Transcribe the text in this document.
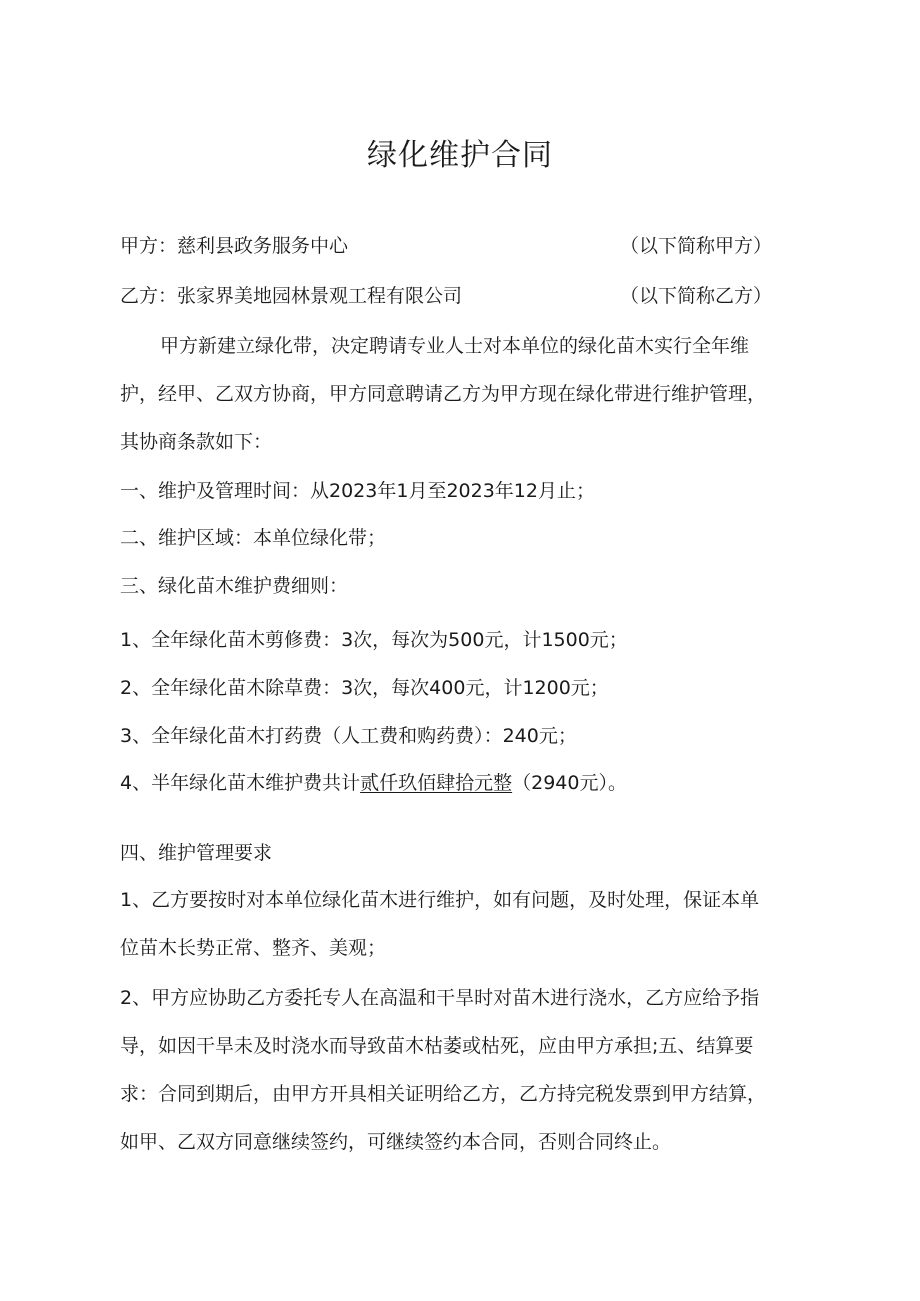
绿化维护合同
甲方：慈利县政务服务中心	（以下简称甲方）
乙方：张家界美地园林景观工程有限公司	（以下简称乙方）
甲方新建立绿化带，决定聘请专业人士对本单位的绿化苗木实行全年维
护，经甲、乙双方协商，甲方同意聘请乙方为甲方现在绿化带进行维护管理，
其协商条款如下：
一、维护及管理时间：从2023年1月至2023年12月止；
二、维护区域：本单位绿化带；
三、绿化苗木维护费细则：
1、全年绿化苗木剪修费：3次，每次为500元，计1500元；
2、全年绿化苗木除草费：3次，每次400元，计1200元；
3、全年绿化苗木打药费（人工费和购药费）：240元；
4、半年绿化苗木维护费共计贰仟玖佰肆拾元整（2940元）。
四、维护管理要求
1、乙方要按时对本单位绿化苗木进行维护，如有问题，及时处理，保证本单
位苗木长势正常、整齐、美观；
2、甲方应协助乙方委托专人在高温和干旱时对苗木进行浇水，乙方应给予指
导，如因干旱未及时浇水而导致苗木枯萎或枯死，应由甲方承担;五、结算要
求：合同到期后，由甲方开具相关证明给乙方，乙方持完税发票到甲方结算，
如甲、乙双方同意继续签约，可继续签约本合同，否则合同终止。
